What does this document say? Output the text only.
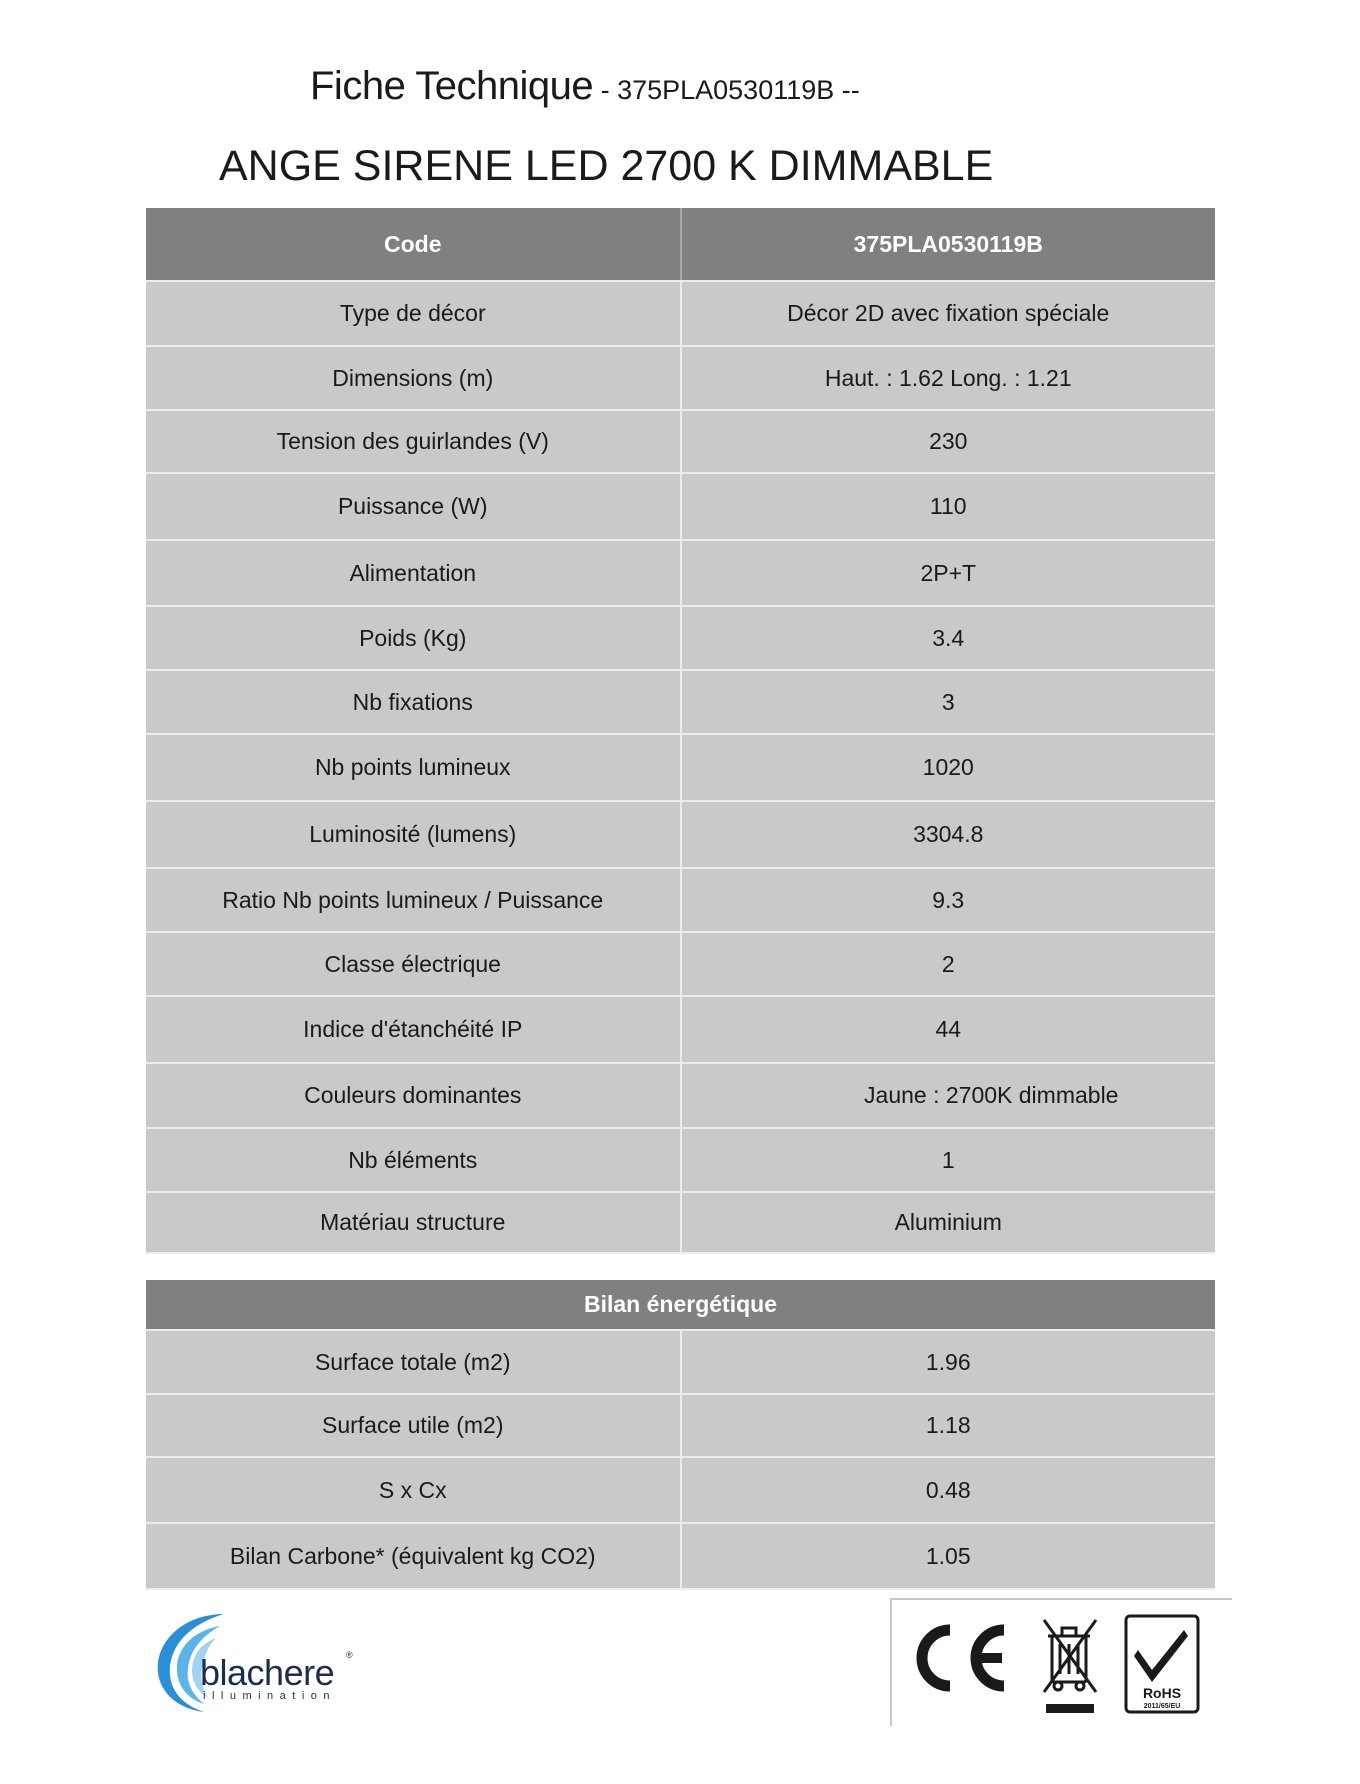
Fiche Technique - 375PLA0530119B --
ANGE SIRENE LED 2700 K DIMMABLE
Code	375PLA0530119B
Type de décor	Décor 2D avec fixation spéciale
Dimensions (m)	Haut. : 1.62 Long. : 1.21
Tension des guirlandes (V)	230
Puissance (W)	110
Alimentation	2P+T
Poids (Kg)	3.4
Nb fixations	3
Nb points lumineux	1020
Luminosité (lumens)	3304.8
Ratio Nb points lumineux / Puissance	9.3
Classe électrique	2
Indice d'étanchéité IP	44
Couleurs dominantes	Jaune : 2700K dimmable
Nb éléments	1
Matériau structure	Aluminium
Bilan énergétique	
Surface totale (m2)	1.96
Surface utile (m2)	1.18
S x Cx	0.48
Bilan Carbone* (équivalent kg CO2)	1.05
blachere ®
illumination	RoHS
2011/65/EU
